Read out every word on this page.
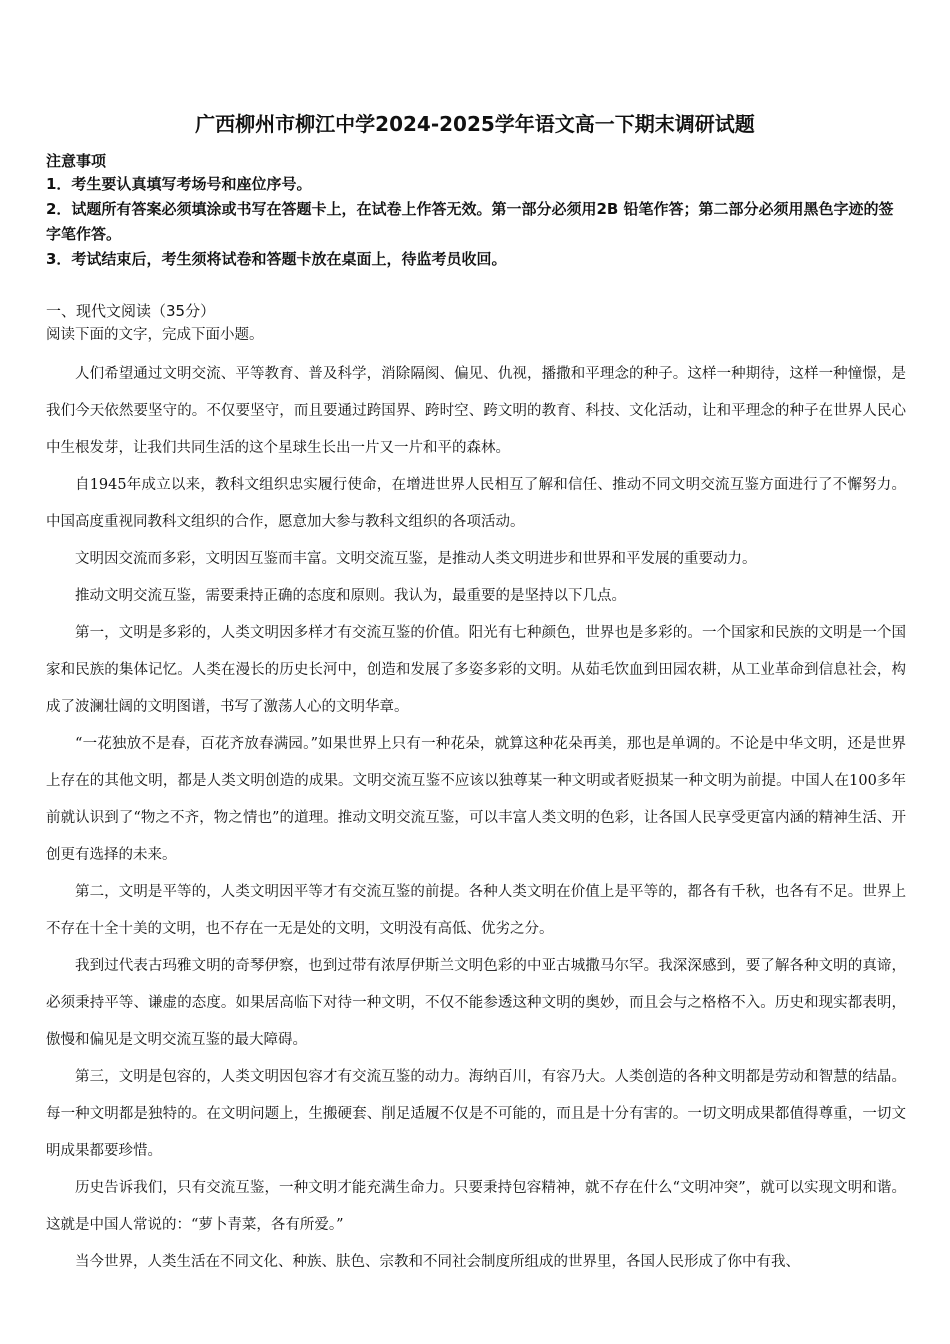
广西柳州市柳江中学2024-2025学年语文高一下期末调研试题
注意事项

1．考生要认真填写考场号和座位序号。

2．试题所有答案必须填涂或书写在答题卡上，在试卷上作答无效。第一部分必须用2B 铅笔作答；第二部分必须用黑色字迹的签字笔作答。

3．考试结束后，考生须将试卷和答题卡放在桌面上，待监考员收回。

一、现代文阅读（35分）
阅读下面的文字，完成下面小题。

人们希望通过文明交流、平等教育、普及科学，消除隔阂、偏见、仇视，播撒和平理念的种子。这样一种期待，这样一种憧憬，是我们今天依然要坚守的。不仅要坚守，而且要通过跨国界、跨时空、跨文明的教育、科技、文化活动，让和平理念的种子在世界人民心中生根发芽，让我们共同生活的这个星球生长出一片又一片和平的森林。

自1945年成立以来，教科文组织忠实履行使命，在增进世界人民相互了解和信任、推动不同文明交流互鉴方面进行了不懈努力。中国高度重视同教科文组织的合作，愿意加大参与教科文组织的各项活动。

文明因交流而多彩，文明因互鉴而丰富。文明交流互鉴，是推动人类文明进步和世界和平发展的重要动力。

推动文明交流互鉴，需要秉持正确的态度和原则。我认为，最重要的是坚持以下几点。

第一，文明是多彩的，人类文明因多样才有交流互鉴的价值。阳光有七种颜色，世界也是多彩的。一个国家和民族的文明是一个国家和民族的集体记忆。人类在漫长的历史长河中，创造和发展了多姿多彩的文明。从茹毛饮血到田园农耕，从工业革命到信息社会，构成了波澜壮阔的文明图谱，书写了激荡人心的文明华章。

“一花独放不是春，百花齐放春满园。”如果世界上只有一种花朵，就算这种花朵再美，那也是单调的。不论是中华文明，还是世界上存在的其他文明，都是人类文明创造的成果。文明交流互鉴不应该以独尊某一种文明或者贬损某一种文明为前提。中国人在100多年前就认识到了“物之不齐，物之情也”的道理。推动文明交流互鉴，可以丰富人类文明的色彩，让各国人民享受更富内涵的精神生活、开创更有选择的未来。

第二，文明是平等的，人类文明因平等才有交流互鉴的前提。各种人类文明在价值上是平等的，都各有千秋，也各有不足。世界上不存在十全十美的文明，也不存在一无是处的文明，文明没有高低、优劣之分。

我到过代表古玛雅文明的奇琴伊察，也到过带有浓厚伊斯兰文明色彩的中亚古城撒马尔罕。我深深感到，要了解各种文明的真谛，必须秉持平等、谦虚的态度。如果居高临下对待一种文明，不仅不能参透这种文明的奥妙，而且会与之格格不入。历史和现实都表明，傲慢和偏见是文明交流互鉴的最大障碍。

第三，文明是包容的，人类文明因包容才有交流互鉴的动力。海纳百川，有容乃大。人类创造的各种文明都是劳动和智慧的结晶。每一种文明都是独特的。在文明问题上，生搬硬套、削足适履不仅是不可能的，而且是十分有害的。一切文明成果都值得尊重，一切文明成果都要珍惜。

历史告诉我们，只有交流互鉴，一种文明才能充满生命力。只要秉持包容精神，就不存在什么“文明冲突”，就可以实现文明和谐。这就是中国人常说的：“萝卜青菜，各有所爱。”

当今世界，人类生活在不同文化、种族、肤色、宗教和不同社会制度所组成的世界里，各国人民形成了你中有我、
